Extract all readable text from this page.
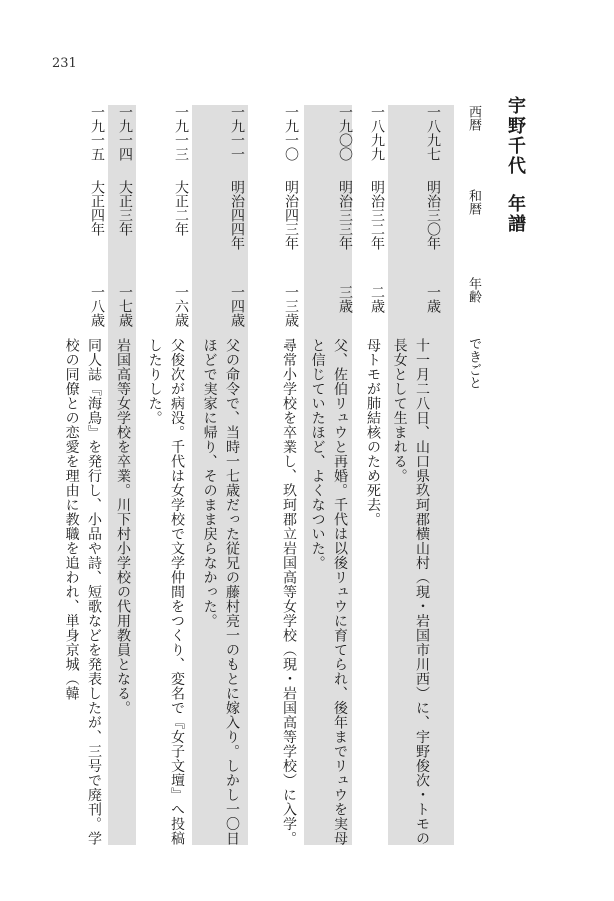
231
宇野千代年譜
西暦
和暦
年齢
できごと
一八九七
明治三〇年
一歳
十一月二八日、山口県玖珂郡横山村（現・岩国市川西）に、宇野俊次・トモの長女として生まれる。
一八九九
明治三二年
二歳
母トモが肺結核のため死去。
一九〇〇
明治三三年
三歳
父、佐伯リュウと再婚。千代は以後リュウに育てられ、後年までリュウを実母と信じていたほど、よくなついた。
一九一〇
明治四三年
一三歳
尋常小学校を卒業し、玖珂郡立岩国高等女学校（現・岩国高等学校）に入学。
一九一一
明治四四年
一四歳
父の命令で、当時一七歳だった従兄の藤村亮一のもとに嫁入り。しかし一〇日ほどで実家に帰り、そのまま戻らなかった。
一九一三
大正二年
一六歳
父俊次が病没。千代は女学校で文学仲間をつくり、変名で『女子文壇』へ投稿したりした。
一九一四
大正三年
一七歳
岩国高等女学校を卒業。川下村小学校の代用教員となる。
一九一五
大正四年
一八歳
同人誌『海鳥』を発行し、小品や詩、短歌などを発表したが、三号で廃刊。学校の同僚との恋愛を理由に教職を追われ、単身京城（韓
